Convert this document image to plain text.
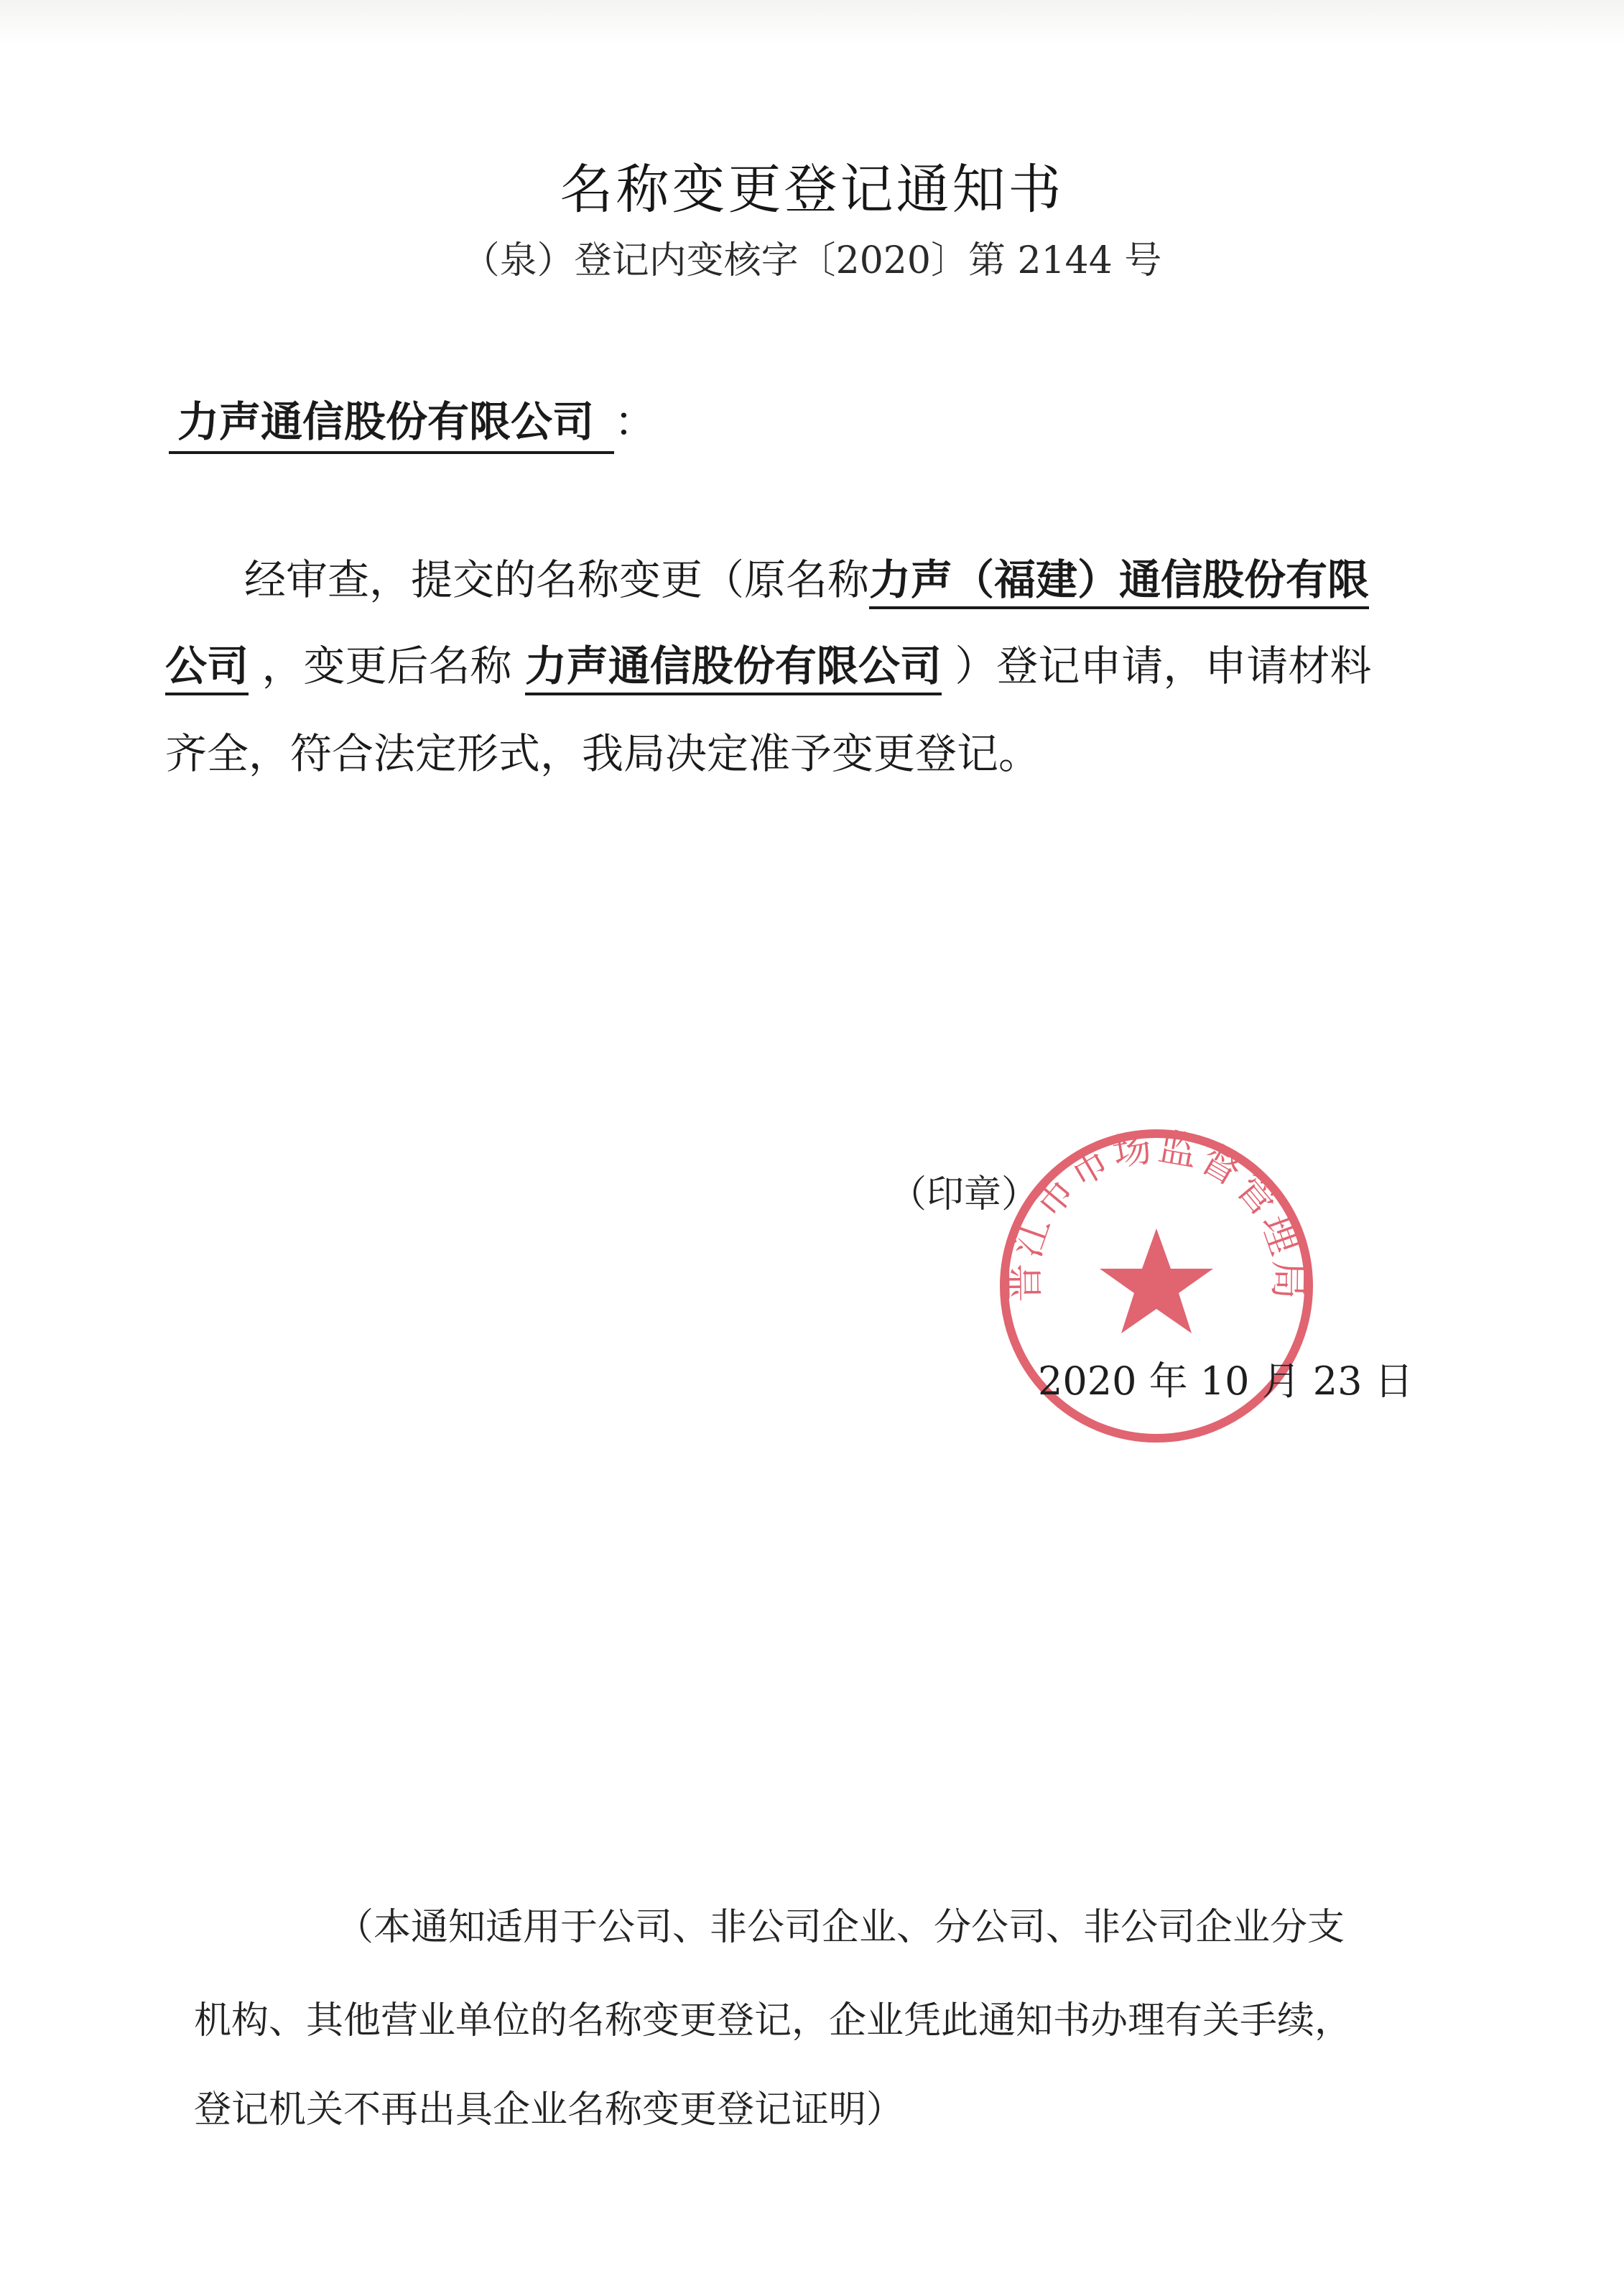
名称变更登记通知书
（泉）登记内变核字〔2020〕第 2144 号
力声通信股份有限公司 ：
经审查，提交的名称变更（原名称力声（福建）通信股份有限
公司 ，变更后名称 力声通信股份有限公司 ）登记申请，申请材料
齐全，符合法定形式，我局决定准予变更登记。
（印章）
晋江市市场监督管理局
2020 年 10 月 23 日
（本通知适用于公司、非公司企业、分公司、非公司企业分支
机构、其他营业单位的名称变更登记，企业凭此通知书办理有关手续，
登记机关不再出具企业名称变更登记证明）
